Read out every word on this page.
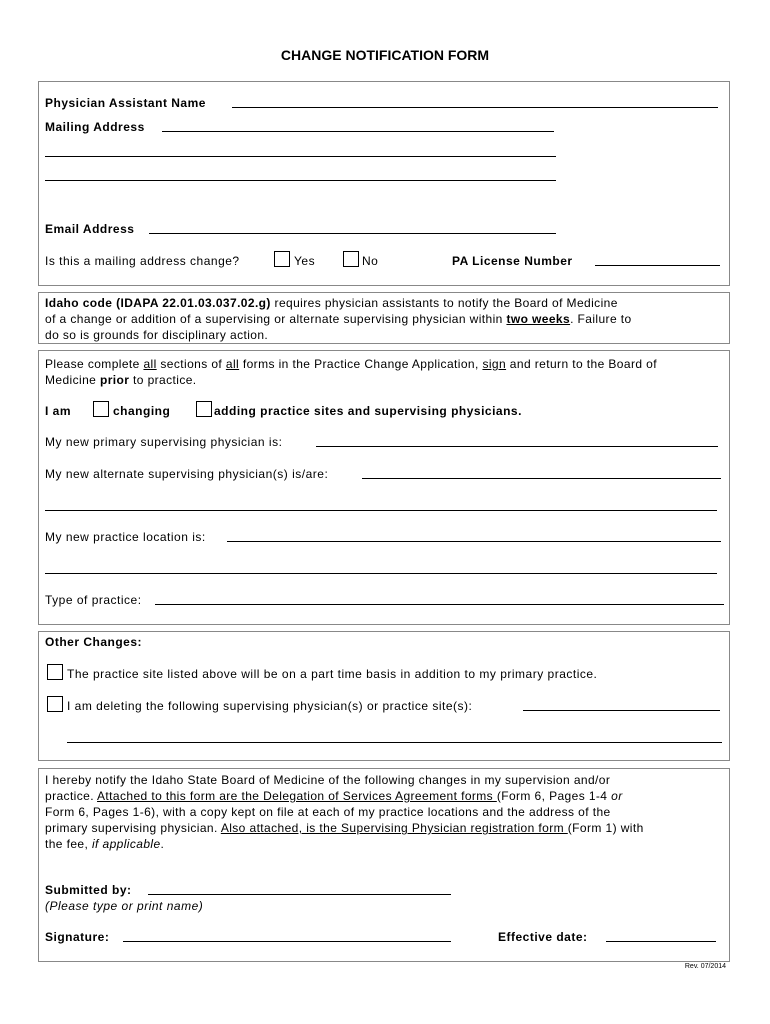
CHANGE NOTIFICATION FORM
Physician Assistant Name
Mailing Address
Email Address
Is this a mailing address change?	Yes	No	PA License Number
Idaho code (IDAPA 22.01.03.037.02.g) requires physician assistants to notify the Board of Medicine
of a change or addition of a supervising or alternate supervising physician within two weeks. Failure to
do so is grounds for disciplinary action.
Please complete all sections of all forms in the Practice Change Application, sign and return to the Board of
Medicine prior to practice.
I am	changing	adding practice sites and supervising physicians.
My new primary supervising physician is:
My new alternate supervising physician(s) is/are:
My new practice location is:
Type of practice:
Other Changes:
The practice site listed above will be on a part time basis in addition to my primary practice.
I am deleting the following supervising physician(s) or practice site(s):
I hereby notify the Idaho State Board of Medicine of the following changes in my supervision and/or
practice. Attached to this form are the Delegation of Services Agreement forms (Form 6, Pages 1-4 or
Form 6, Pages 1-6), with a copy kept on file at each of my practice locations and the address of the
primary supervising physician. Also attached, is the Supervising Physician registration form (Form 1) with
the fee, if applicable.
Submitted by:
(Please type or print name)
Signature:	Effective date:
Rev. 07/2014
